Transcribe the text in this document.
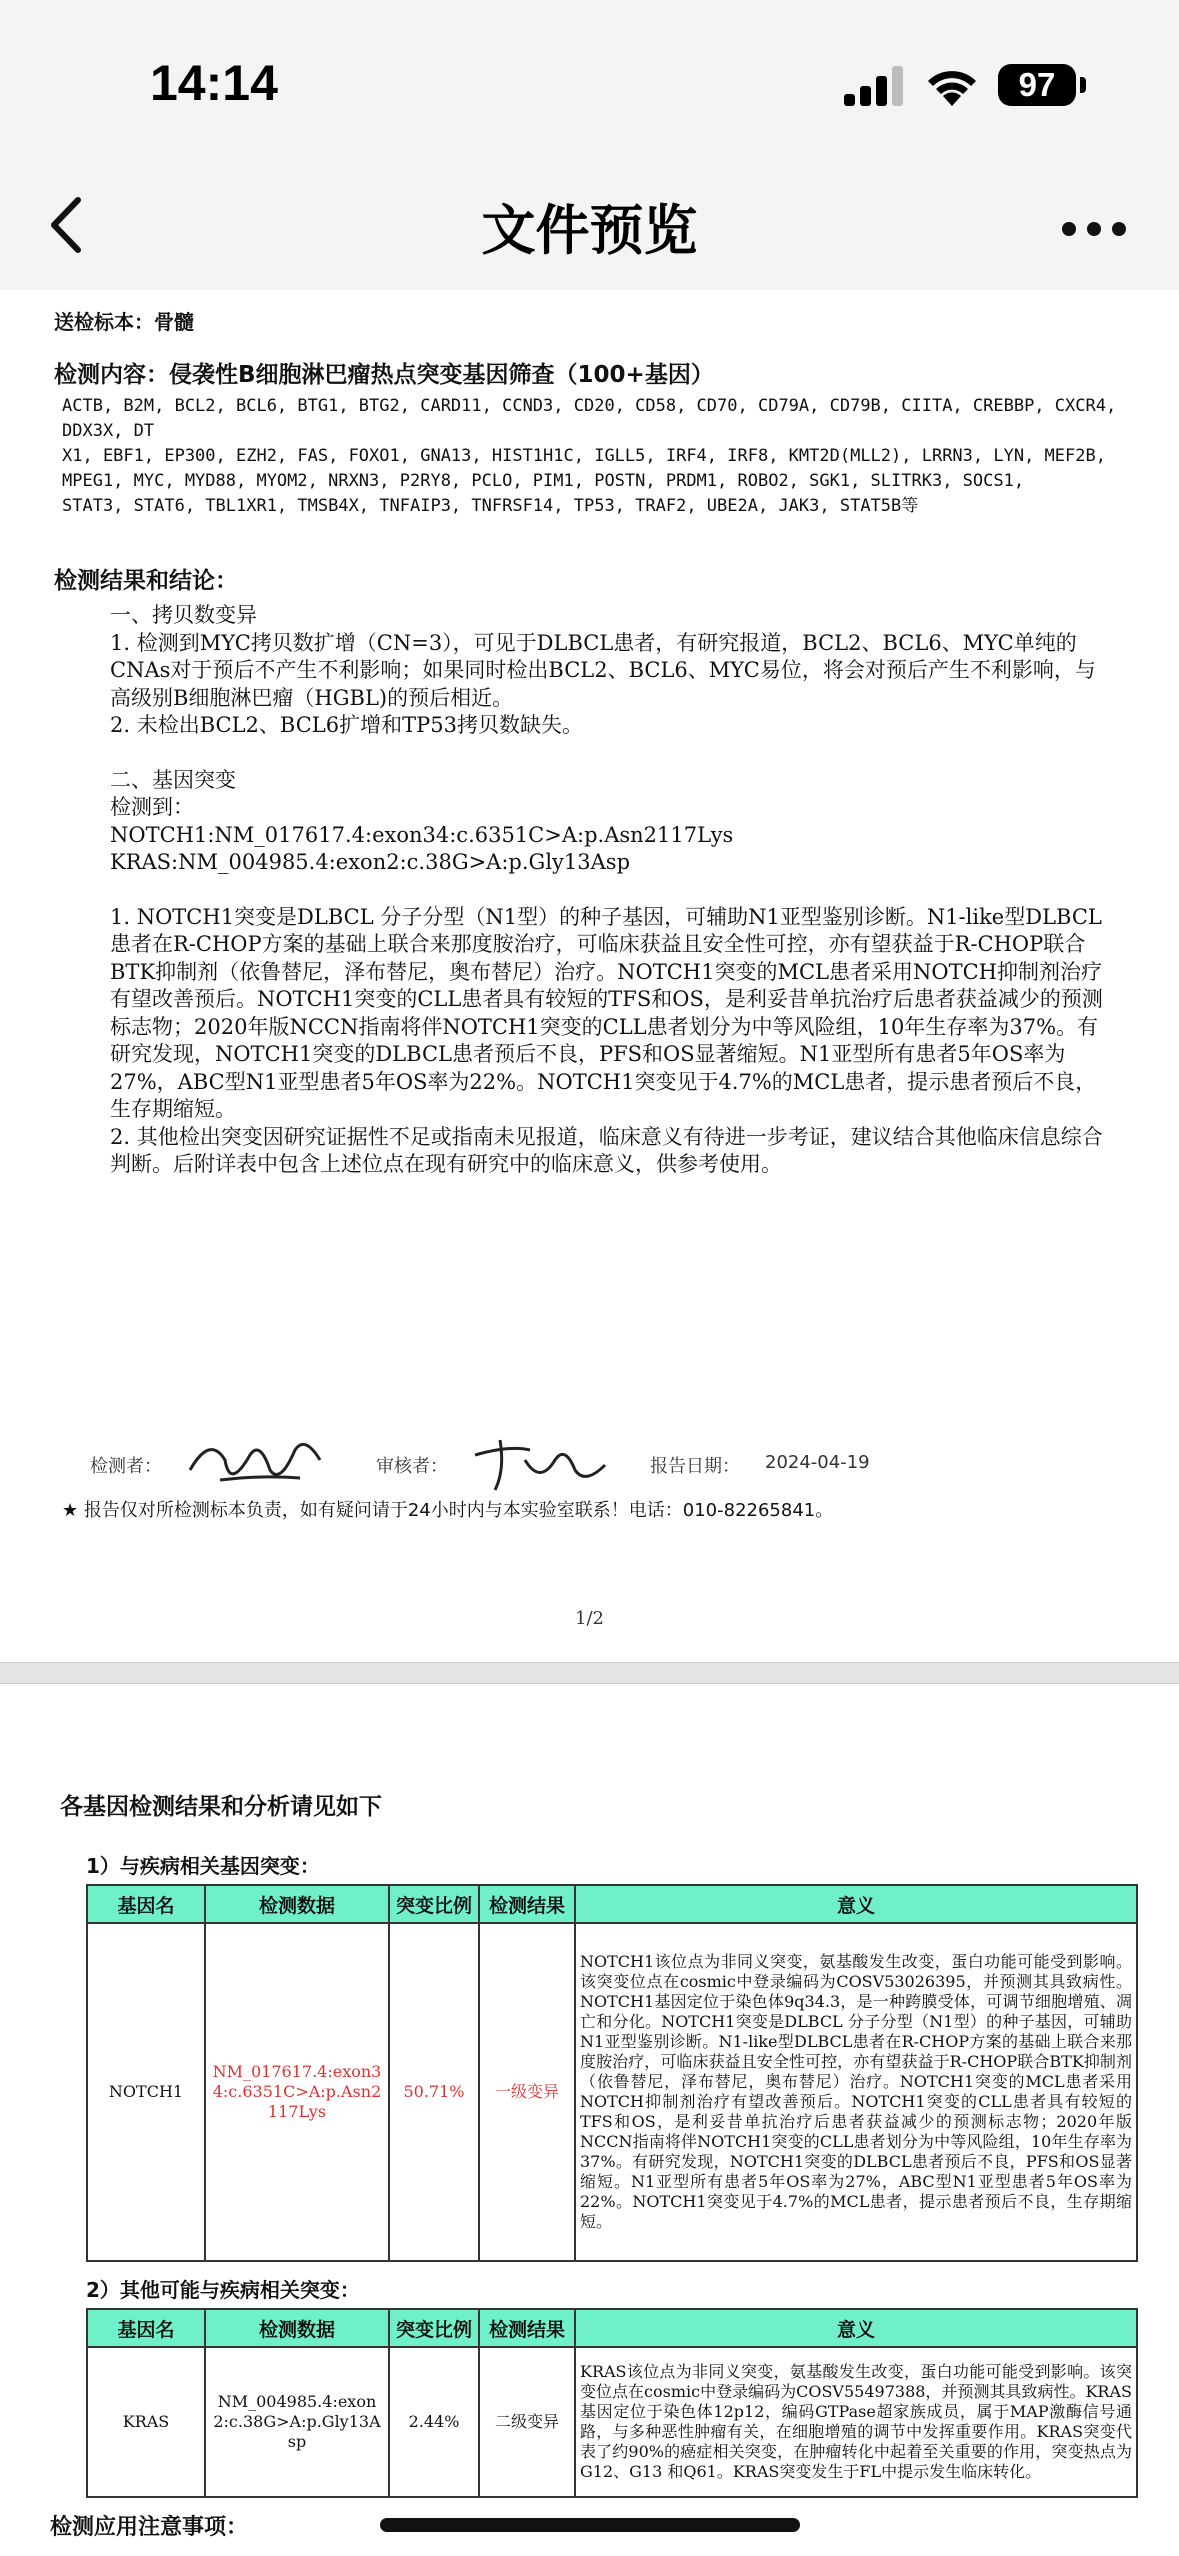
14:14	97
文件预览
送检标本：骨髓
检测内容：侵袭性B细胞淋巴瘤热点突变基因筛查（100+基因）
ACTB, B2M, BCL2, BCL6, BTG1, BTG2, CARD11, CCND3, CD20, CD58, CD70, CD79A, CD79B, CIITA, CREBBP, CXCR4, DDX3X, DT
X1, EBF1, EP300, EZH2, FAS, FOXO1, GNA13, HIST1H1C, IGLL5, IRF4, IRF8, KMT2D(MLL2), LRRN3, LYN, MEF2B,
MPEG1, MYC, MYD88, MYOM2, NRXN3, P2RY8, PCLO, PIM1, POSTN, PRDM1, ROBO2, SGK1, SLITRK3, SOCS1,
STAT3, STAT6, TBL1XR1, TMSB4X, TNFAIP3, TNFRSF14, TP53, TRAF2, UBE2A, JAK3, STAT5B等
检测结果和结论：

一、拷贝数变异

1. 检测到MYC拷贝数扩增（CN=3），可见于DLBCL患者，有研究报道，BCL2、BCL6、MYC单纯的CNAs对于预后不产生不利影响；如果同时检出BCL2、BCL6、MYC易位，将会对预后产生不利影响，与高级别B细胞淋巴瘤（HGBL)的预后相近。

2. 未检出BCL2、BCL6扩增和TP53拷贝数缺失。

二、基因突变

检测到：

NOTCH1:NM_017617.4:exon34:c.6351C>A:p.Asn2117Lys

KRAS:NM_004985.4:exon2:c.38G>A:p.Gly13Asp

1. NOTCH1突变是DLBCL 分子分型（N1型）的种子基因，可辅助N1亚型鉴别诊断。N1-like型DLBCL患者在R-CHOP方案的基础上联合来那度胺治疗，可临床获益且安全性可控，亦有望获益于R-CHOP联合BTK抑制剂（依鲁替尼，泽布替尼，奥布替尼）治疗。NOTCH1突变的MCL患者采用NOTCH抑制剂治疗有望改善预后。NOTCH1突变的CLL患者具有较短的TFS和OS，是利妥昔单抗治疗后患者获益减少的预测标志物；2020年版NCCN指南将伴NOTCH1突变的CLL患者划分为中等风险组，10年生存率为37%。有研究发现，NOTCH1突变的DLBCL患者预后不良，PFS和OS显著缩短。N1亚型所有患者5年OS率为27%，ABC型N1亚型患者5年OS率为22%。NOTCH1突变见于4.7%的MCL患者，提示患者预后不良，生存期缩短。

2. 其他检出突变因研究证据性不足或指南未见报道，临床意义有待进一步考证，建议结合其他临床信息综合判断。后附详表中包含上述位点在现有研究中的临床意义，供参考使用。

检测者：	审核者：	报告日期： 2024-04-19
★ 报告仅对所检测标本负责，如有疑问请于24小时内与本实验室联系！电话：010-82265841。
1/2
各基因检测结果和分析请见如下
1）与疾病相关基因突变：
基因名	检测数据	突变比例	检测结果	意义
NOTCH1	NM_017617.4:exon34:c.6351C>A:p.Asn2117Lys	50.71%	一级变异	NOTCH1该位点为非同义突变，氨基酸发生改变，蛋白功能可能受到影响。该突变位点在cosmic中登录编码为COSV53026395，并预测其具致病性。NOTCH1基因定位于染色体9q34.3，是一种跨膜受体，可调节细胞增殖、凋亡和分化。NOTCH1突变是DLBCL 分子分型（N1型）的种子基因，可辅助N1亚型鉴别诊断。N1-like型DLBCL患者在R-CHOP方案的基础上联合来那度胺治疗，可临床获益且安全性可控，亦有望获益于R-CHOP联合BTK抑制剂（依鲁替尼，泽布替尼，奥布替尼）治疗。NOTCH1突变的MCL患者采用NOTCH抑制剂治疗有望改善预后。NOTCH1突变的CLL患者具有较短的TFS和OS，是利妥昔单抗治疗后患者获益减少的预测标志物；2020年版NCCN指南将伴NOTCH1突变的CLL患者划分为中等风险组，10年生存率为37%。有研究发现，NOTCH1突变的DLBCL患者预后不良，PFS和OS显著缩短。N1亚型所有患者5年OS率为27%，ABC型N1亚型患者5年OS率为22%。NOTCH1突变见于4.7%的MCL患者，提示患者预后不良，生存期缩短。
2）其他可能与疾病相关突变：
基因名	检测数据	突变比例	检测结果	意义
KRAS	NM_004985.4:exon2:c.38G>A:p.Gly13Asp	2.44%	二级变异	KRAS该位点为非同义突变，氨基酸发生改变，蛋白功能可能受到影响。该突变位点在cosmic中登录编码为COSV55497388，并预测其具致病性。KRAS基因定位于染色体12p12，编码GTPase超家族成员，属于MAP激酶信号通路，与多种恶性肿瘤有关，在细胞增殖的调节中发挥重要作用。KRAS突变代表了约90%的癌症相关突变，在肿瘤转化中起着至关重要的作用，突变热点为G12、G13 和Q61。KRAS突变发生于FL中提示发生临床转化。
检测应用注意事项：
